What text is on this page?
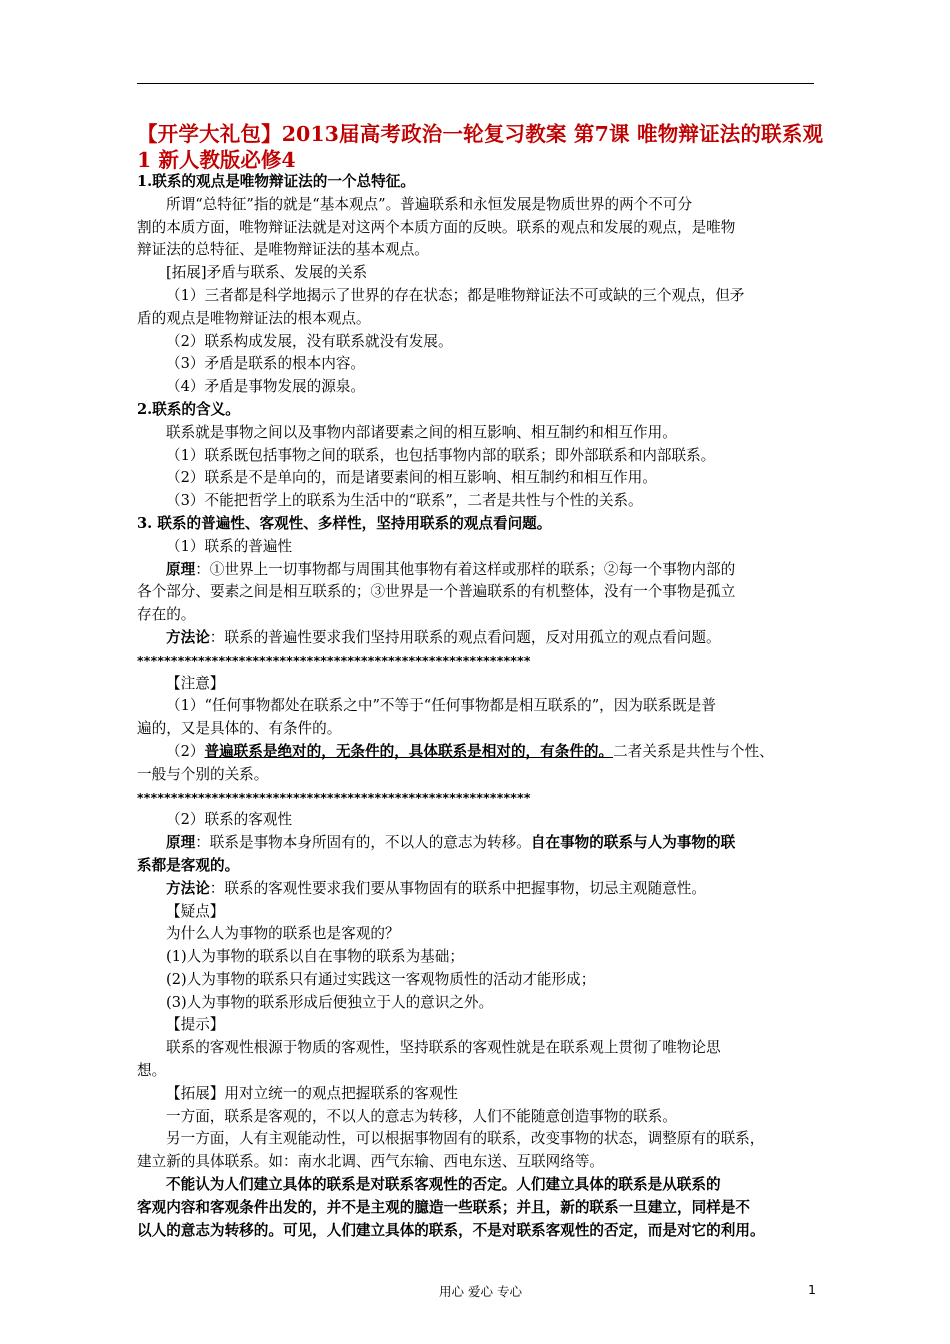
【开学大礼包】2013届高考政治一轮复习教案 第7课 唯物辩证法的联系观1 新人教版必修4

1.联系的观点是唯物辩证法的一个总特征。

所谓“总特征”指的就是“基本观点”。普遍联系和永恒发展是物质世界的两个不可分

割的本质方面，唯物辩证法就是对这两个本质方面的反映。联系的观点和发展的观点，是唯物

辩证法的总特征、是唯物辩证法的基本观点。

[拓展]矛盾与联系、发展的关系

（1）三者都是科学地揭示了世界的存在状态；都是唯物辩证法不可或缺的三个观点，但矛

盾的观点是唯物辩证法的根本观点。

（2）联系构成发展，没有联系就没有发展。

（3）矛盾是联系的根本内容。

（4）矛盾是事物发展的源泉。

2.联系的含义。

联系就是事物之间以及事物内部诸要素之间的相互影响、相互制约和相互作用。

（1）联系既包括事物之间的联系，也包括事物内部的联系；即外部联系和内部联系。

（2）联系是不是单向的，而是诸要素间的相互影响、相互制约和相互作用。

（3）不能把哲学上的联系为生活中的“联系”，二者是共性与个性的关系。

3. 联系的普遍性、客观性、多样性，坚持用联系的观点看问题。

（1）联系的普遍性

原理：①世界上一切事物都与周围其他事物有着这样或那样的联系；②每一个事物内部的

各个部分、要素之间是相互联系的；③世界是一个普遍联系的有机整体，没有一个事物是孤立

存在的。

方法论：联系的普遍性要求我们坚持用联系的观点看问题，反对用孤立的观点看问题。

**********************************************************

【注意】

（1）“任何事物都处在联系之中”不等于“任何事物都是相互联系的”，因为联系既是普

遍的，又是具体的、有条件的。

（2）普遍联系是绝对的，无条件的，具体联系是相对的，有条件的。二者关系是共性与个性、

一般与个别的关系。

**********************************************************

（2）联系的客观性

原理：联系是事物本身所固有的，不以人的意志为转移。自在事物的联系与人为事物的联

系都是客观的。

方法论：联系的客观性要求我们要从事物固有的联系中把握事物，切忌主观随意性。

【疑点】

为什么人为事物的联系也是客观的？

(1)人为事物的联系以自在事物的联系为基础；

(2)人为事物的联系只有通过实践这一客观物质性的活动才能形成；

(3)人为事物的联系形成后便独立于人的意识之外。

【提示】

联系的客观性根源于物质的客观性，坚持联系的客观性就是在联系观上贯彻了唯物论思

想。

【拓展】用对立统一的观点把握联系的客观性

一方面，联系是客观的，不以人的意志为转移，人们不能随意创造事物的联系。

另一方面，人有主观能动性，可以根据事物固有的联系，改变事物的状态，调整原有的联系，

建立新的具体联系。如：南水北调、西气东输、西电东送、互联网络等。

不能认为人们建立具体的联系是对联系客观性的否定。人们建立具体的联系是从联系的

客观内容和客观条件出发的，并不是主观的臆造一些联系；并且，新的联系一旦建立，同样是不

以人的意志为转移的。可见，人们建立具体的联系，不是对联系客观性的否定，而是对它的利用。

用心 爱心 专心	1
